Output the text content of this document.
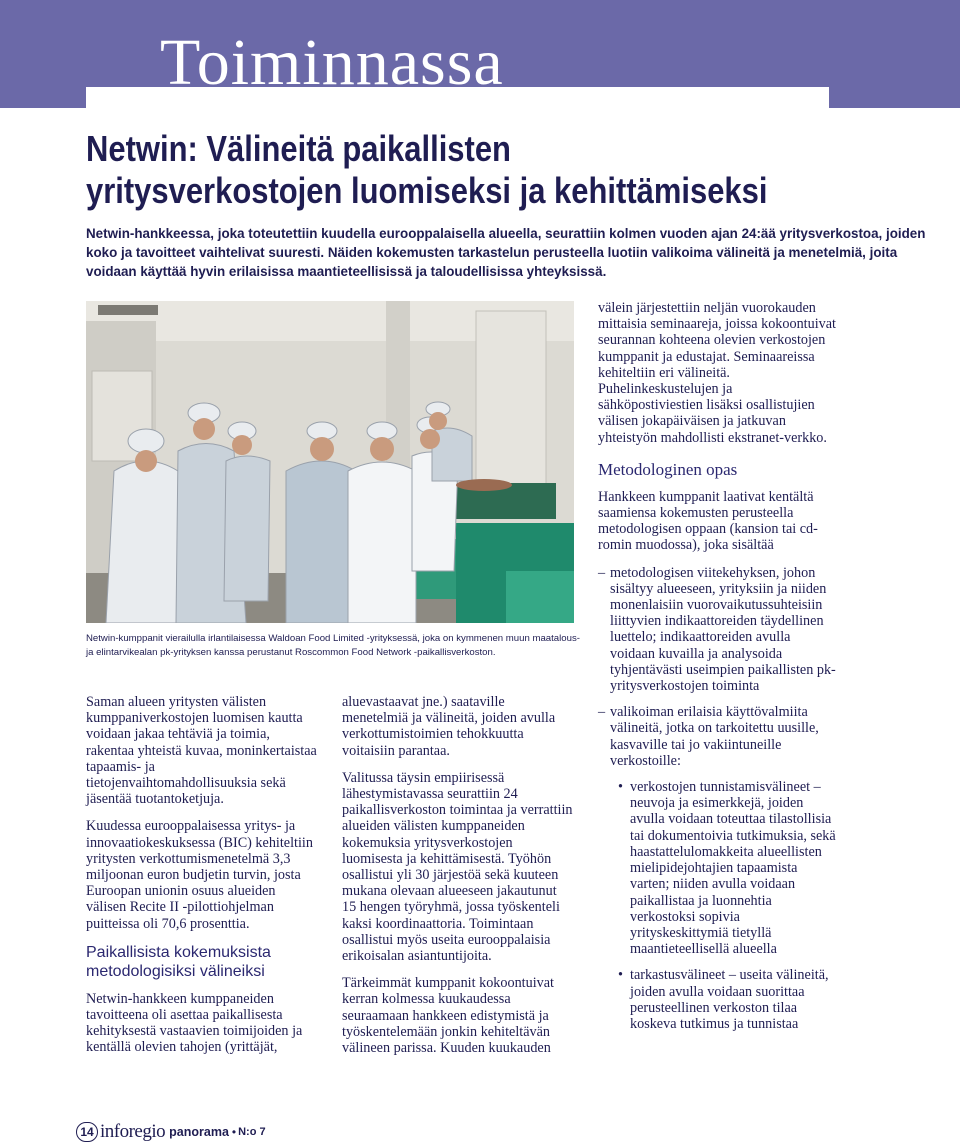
Toiminnassa
Netwin: Välineitä paikallisten yritysverkostojen luomiseksi ja kehittämiseksi
Netwin-hankkeessa, joka toteutettiin kuudella eurooppalaisella alueella, seurattiin kolmen vuoden ajan 24:ää yritysverkostoa, joiden koko ja tavoitteet vaihtelivat suuresti. Näiden kokemusten tarkastelun perusteella luotiin valikoima välineitä ja menetelmiä, joita voidaan käyttää hyvin erilaisissa maantieteellisissä ja taloudellisissa yhteyksissä.
Netwin-kumppanit vierailulla irlantilaisessa Waldoan Food Limited -yrityksessä, joka on kymmenen muun maatalous- ja elintarvikealan pk-yrityksen kanssa perustanut Roscommon Food Network -paikallisverkoston.

Saman alueen yritysten välisten kumppaniverkostojen luomisen kautta voidaan jakaa tehtäviä ja toimia, rakentaa yhteistä kuvaa, moninkertaistaa tapaamis- ja tietojenvaihtomahdollisuuksia sekä jäsentää tuotantoketjuja.

Kuudessa eurooppalaisessa yritys- ja innovaatiokeskuksessa (BIC) kehiteltiin yritysten verkottumismenetelmä 3,3 miljoonan euron budjetin turvin, josta Euroopan unionin osuus alueiden välisen Recite II -pilottiohjelman puitteissa oli 70,6 prosenttia.

Paikallisista kokemuksista metodologisiksi välineiksi

Netwin-hankkeen kumppaneiden tavoitteena oli asettaa paikallisesta kehityksestä vastaavien toimijoiden ja kentällä olevien tahojen (yrittäjät,

aluevastaavat jne.) saataville menetelmiä ja välineitä, joiden avulla verkottumistoimien tehokkuutta voitaisiin parantaa.

Valitussa täysin empiirisessä lähestymistavassa seurattiin 24 paikallisverkoston toimintaa ja verrattiin alueiden välisten kumppaneiden kokemuksia yritysverkostojen luomisesta ja kehittämisestä. Työhön osallistui yli 30 järjestöä sekä kuuteen mukana olevaan alueeseen jakautunut 15 hengen työryhmä, jossa työskenteli kaksi koordinaattoria. Toimintaan osallistui myös useita eurooppalaisia erikoisalan asiantuntijoita.

Tärkeimmät kumppanit kokoontuivat kerran kolmessa kuukaudessa seuraamaan hankkeen edistymistä ja työskentelemään jonkin kehiteltävän välineen parissa. Kuuden kuukauden

välein järjestettiin neljän vuorokauden mittaisia seminaareja, joissa kokoontuivat seurannan kohteena olevien verkostojen kumppanit ja edustajat. Seminaareissa kehiteltiin eri välineitä. Puhelinkeskustelujen ja sähköpostiviestien lisäksi osallistujien välisen jokapäiväisen ja jatkuvan yhteistyön mahdollisti ekstranet-verkko.

Metodologinen opas

Hankkeen kumppanit laativat kentältä saamiensa kokemusten perusteella metodologisen oppaan (kansion tai cd-romin muodossa), joka sisältää

– metodologisen viitekehyksen, johon sisältyy alueeseen, yrityksiin ja niiden monenlaisiin vuorovaikutussuhteisiin liittyvien indikaattoreiden täydellinen luettelo; indikaattoreiden avulla voidaan kuvailla ja analysoida tyhjentävästi useimpien paikallisten pk-yritysverkostojen toiminta
– valikoiman erilaisia käyttövalmiita välineitä, jotka on tarkoitettu uusille, kasvaville tai jo vakiintuneille verkostoille:
• verkostojen tunnistamisvälineet – neuvoja ja esimerkkejä, joiden avulla voidaan toteuttaa tilastollisia tai dokumentoivia tutkimuksia, sekä haastattelulomakkeita alueellisten mielipidejohtajien tapaamista varten; niiden avulla voidaan paikallistaa ja luonnehtia verkostoksi sopivia yrityskeskittymiä tietyllä maantieteellisellä alueella
• tarkastusvälineet – useita välineitä, joiden avulla voidaan suorittaa perusteellinen verkoston tilaa koskeva tutkimus ja tunnistaa
14 inforegio panorama • N:o 7
